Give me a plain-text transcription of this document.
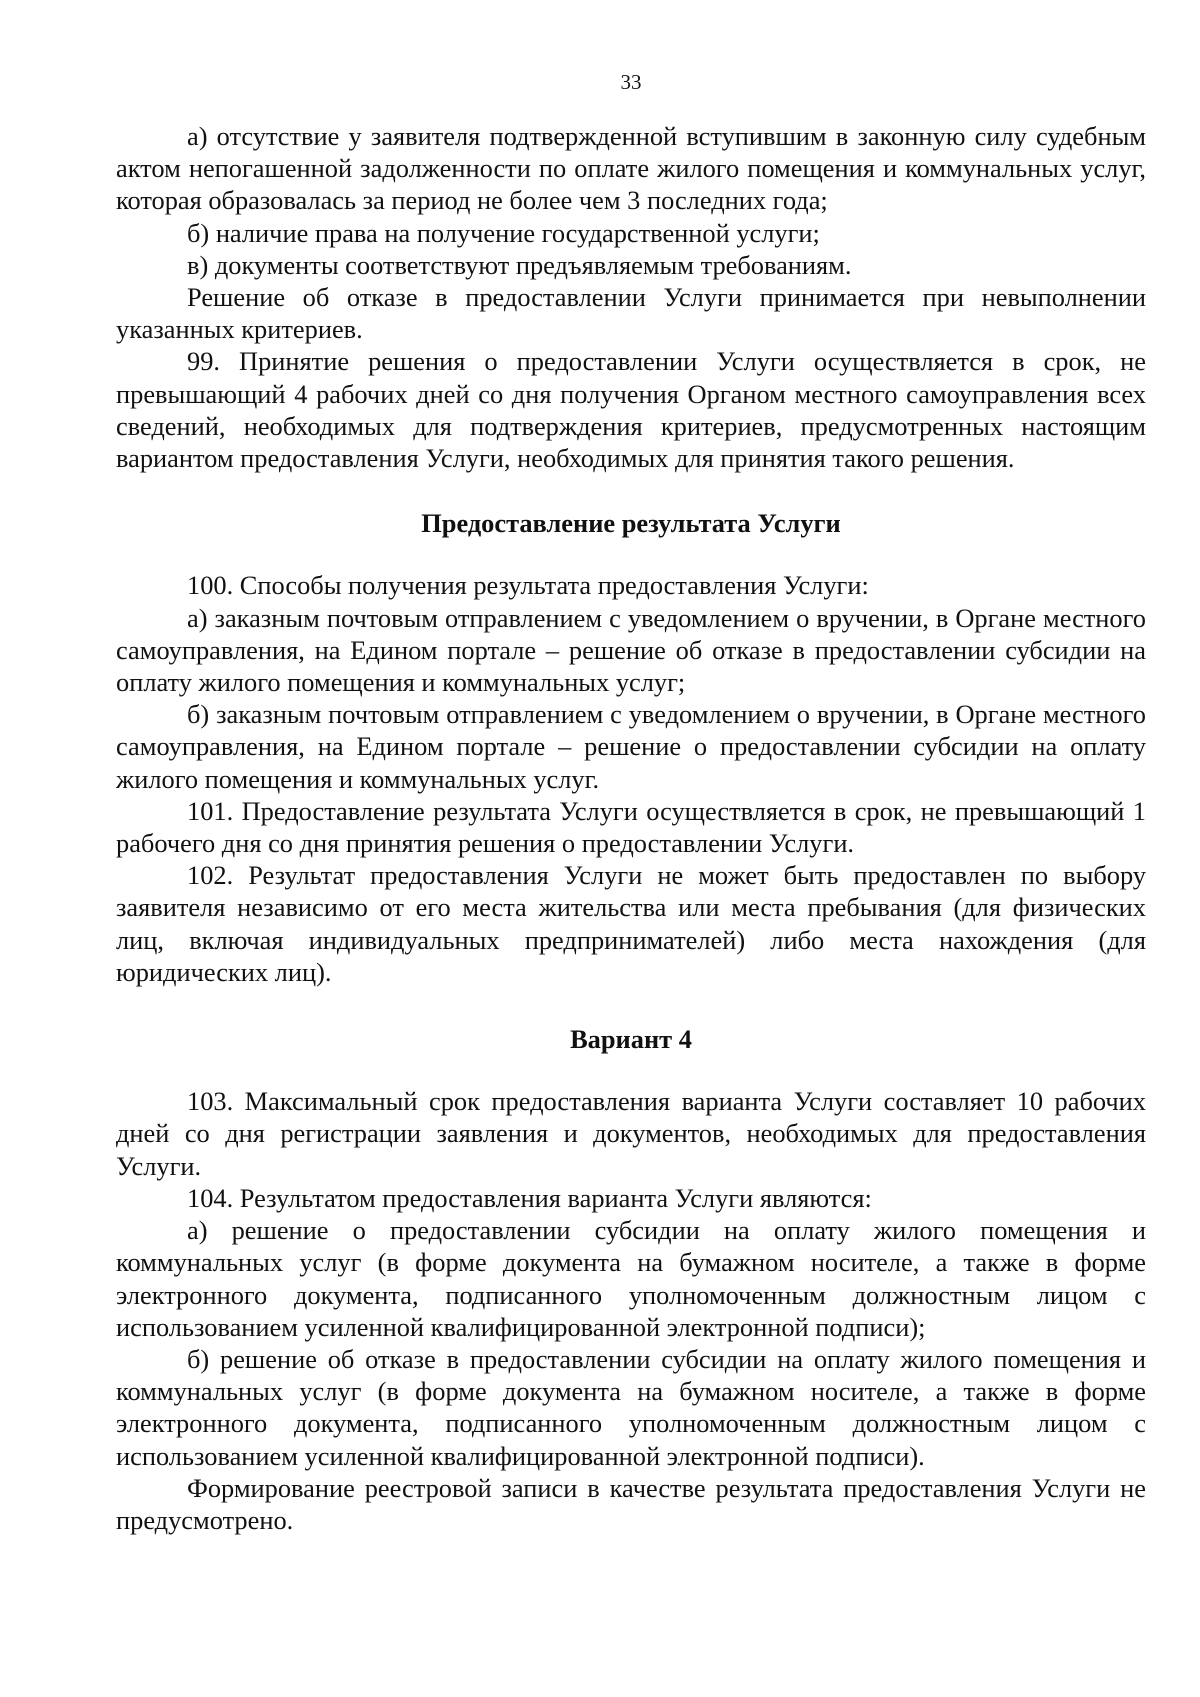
33

а) отсутствие у заявителя подтвержденной вступившим в законную силу судебным актом непогашенной задолженности по оплате жилого помещения и коммунальных услуг, которая образовалась за период не более чем 3 последних года;

б) наличие права на получение государственной услуги;

в) документы соответствуют предъявляемым требованиям.

Решение об отказе в предоставлении Услуги принимается при невыполнении указанных критериев.

99. Принятие решения о предоставлении Услуги осуществляется в срок, не превышающий 4 рабочих дней со дня получения Органом местного самоуправления всех сведений, необходимых для подтверждения критериев, предусмотренных настоящим вариантом предоставления Услуги, необходимых для принятия такого решения.

Предоставление результата Услуги

100. Способы получения результата предоставления Услуги:

а) заказным почтовым отправлением с уведомлением о вручении, в Органе местного самоуправления, на Едином портале – решение об отказе в предоставлении субсидии на оплату жилого помещения и коммунальных услуг;

б) заказным почтовым отправлением с уведомлением о вручении, в Органе местного самоуправления, на Едином портале – решение о предоставлении субсидии на оплату жилого помещения и коммунальных услуг.

101. Предоставление результата Услуги осуществляется в срок, не превышающий 1 рабочего дня со дня принятия решения о предоставлении Услуги.

102. Результат предоставления Услуги не может быть предоставлен по выбору заявителя независимо от его места жительства или места пребывания (для физических лиц, включая индивидуальных предпринимателей) либо места нахождения (для юридических лиц).

Вариант 4

103. Максимальный срок предоставления варианта Услуги составляет 10 рабочих дней со дня регистрации заявления и документов, необходимых для предоставления Услуги.

104. Результатом предоставления варианта Услуги являются:

а) решение о предоставлении субсидии на оплату жилого помещения и коммунальных услуг (в форме документа на бумажном носителе, а также в форме электронного документа, подписанного уполномоченным должностным лицом с использованием усиленной квалифицированной электронной подписи);

б) решение об отказе в предоставлении субсидии на оплату жилого помещения и коммунальных услуг (в форме документа на бумажном носителе, а также в форме электронного документа, подписанного уполномоченным должностным лицом с использованием усиленной квалифицированной электронной подписи).

Формирование реестровой записи в качестве результата предоставления Услуги не предусмотрено.
